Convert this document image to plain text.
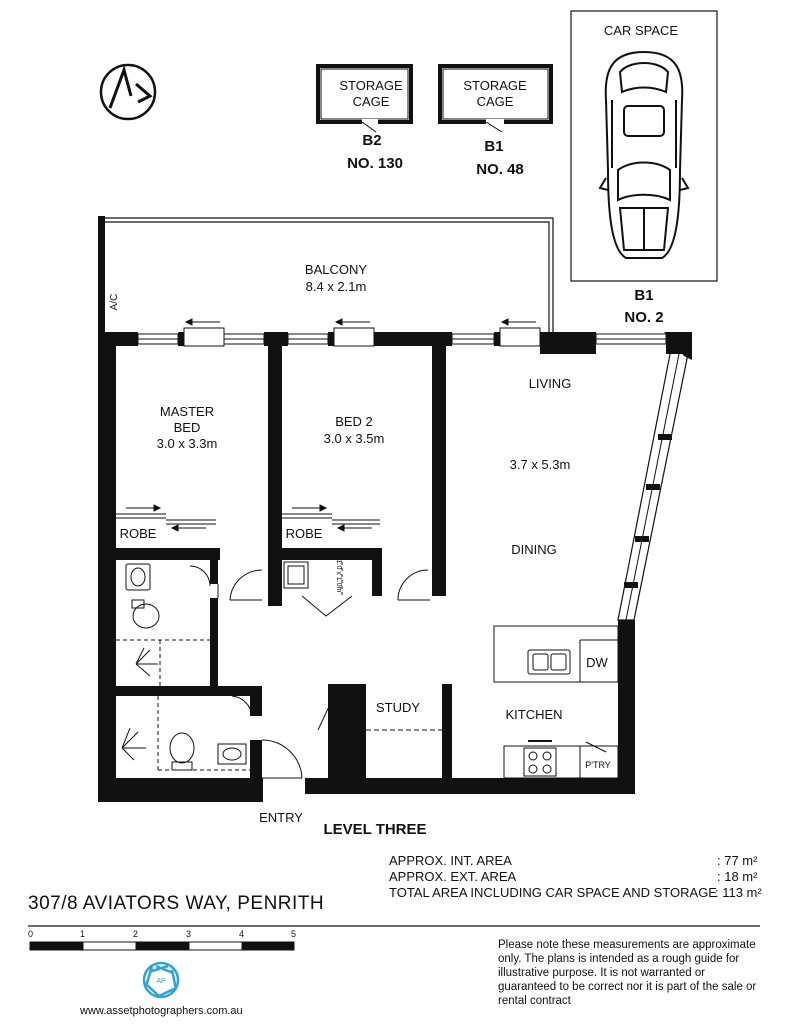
STORAGE
CAGE
B2
NO. 130
STORAGE
CAGE
B1
NO. 48
CAR SPACE
B1
NO. 2
BALCONY
8.4 x 2.1m
A/C
MASTER
BED
3.0 x 3.3m
BED 2
3.0 x 3.5m
LIVING
3.7 x 5.3m
DINING
ROBE	ROBE
1.0 x 1.0m
DW
KITCHEN
STUDY
LINEN
P'TRY
ENTRY
LEVEL THREE
APPROX. INT. AREA	: 77 m²
APPROX. EXT. AREA	: 18 m²
TOTAL AREA INCLUDING CAR SPACE AND STORAGE
: 113 m²
307/8 AVIATORS WAY, PENRITH
0	1	2	3	4	5
Please note these measurements are approximate only. The plans is intended as a rough guide for illustrative purpose. It is not warranted or guaranteed to be correct nor it is part of the sale or rental contract
AP
www.assetphotographers.com.au
